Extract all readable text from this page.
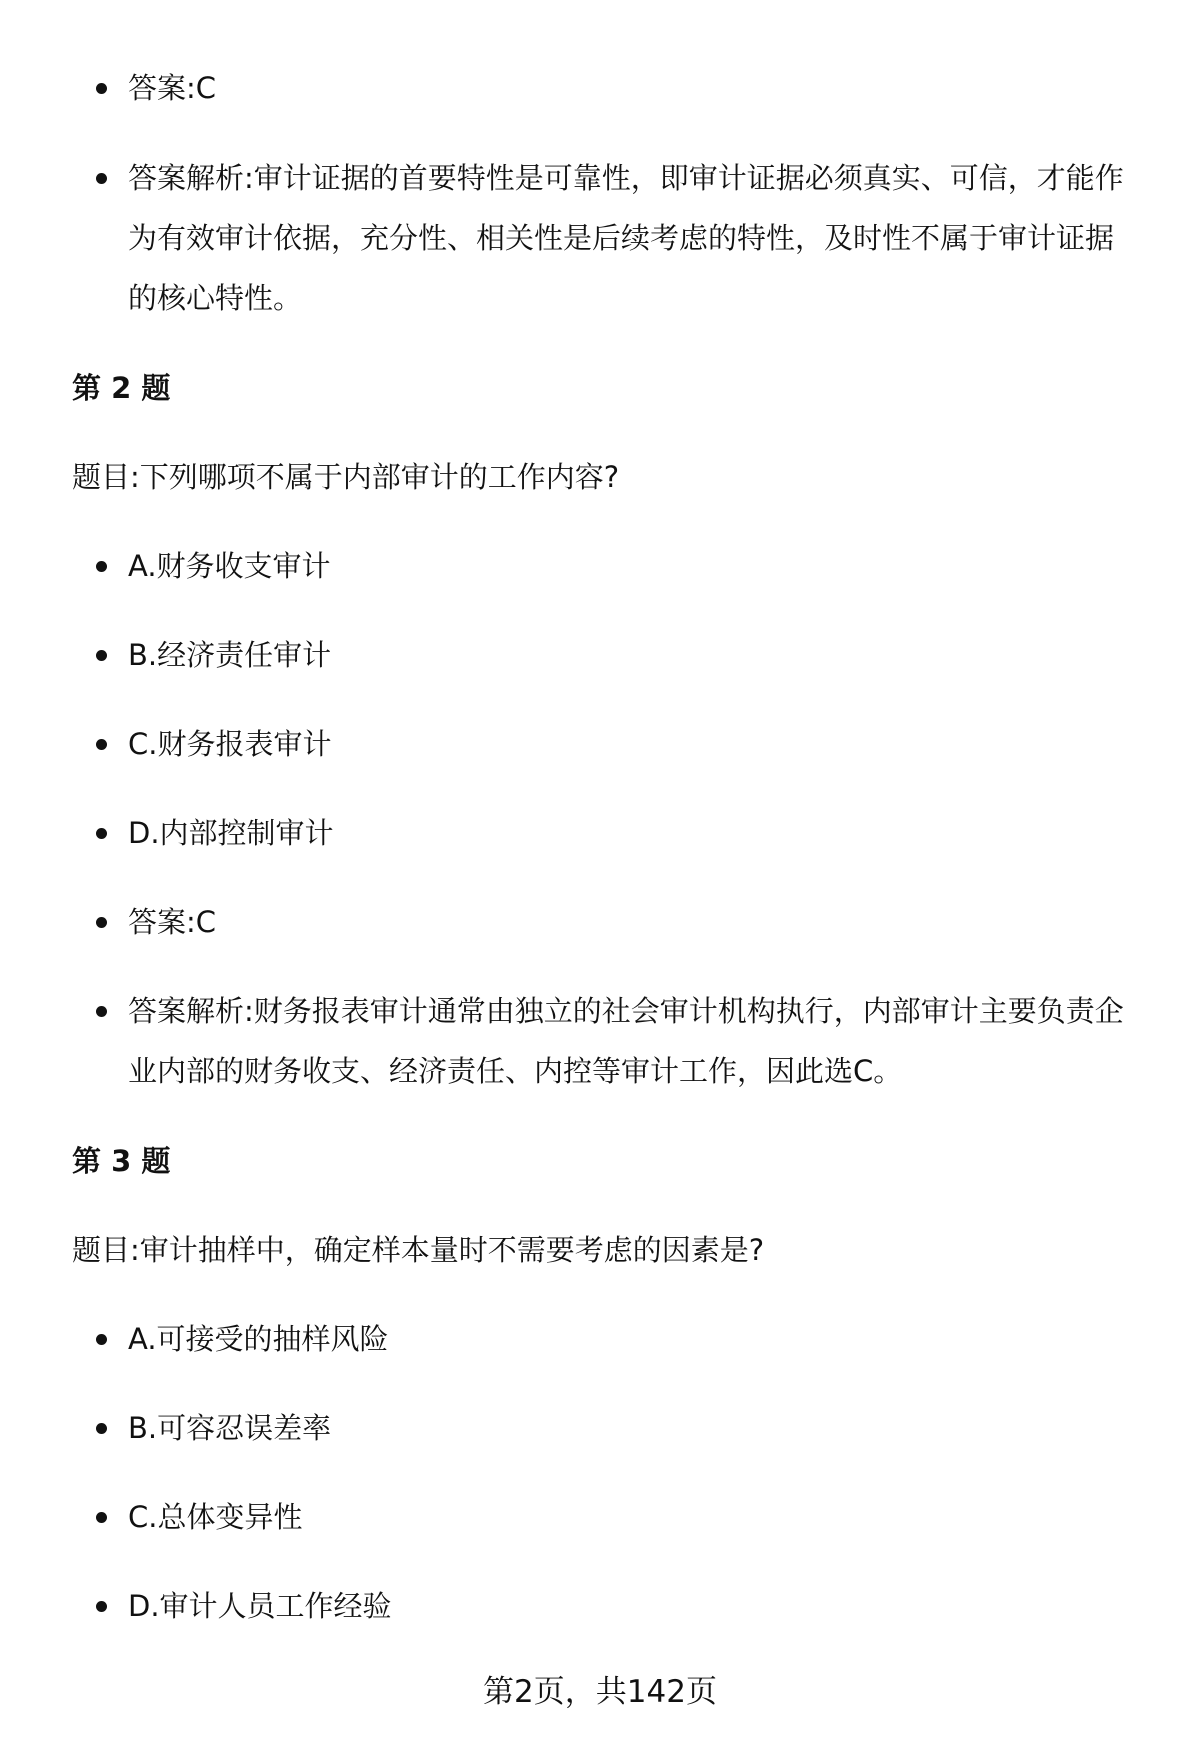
答案:C
答案解析:审计证据的首要特性是可靠性，即审计证据必须真实、可信，才能作
为有效审计依据，充分性、相关性是后续考虑的特性，及时性不属于审计证据
的核心特性。
第 2 题
题目:下列哪项不属于内部审计的工作内容?
A.财务收支审计
B.经济责任审计
C.财务报表审计
D.内部控制审计
答案:C
答案解析:财务报表审计通常由独立的社会审计机构执行，内部审计主要负责企
业内部的财务收支、经济责任、内控等审计工作，因此选C。
第 3 题
题目:审计抽样中，确定样本量时不需要考虑的因素是?
A.可接受的抽样风险
B.可容忍误差率
C.总体变异性
D.审计人员工作经验
第2页，共142页
